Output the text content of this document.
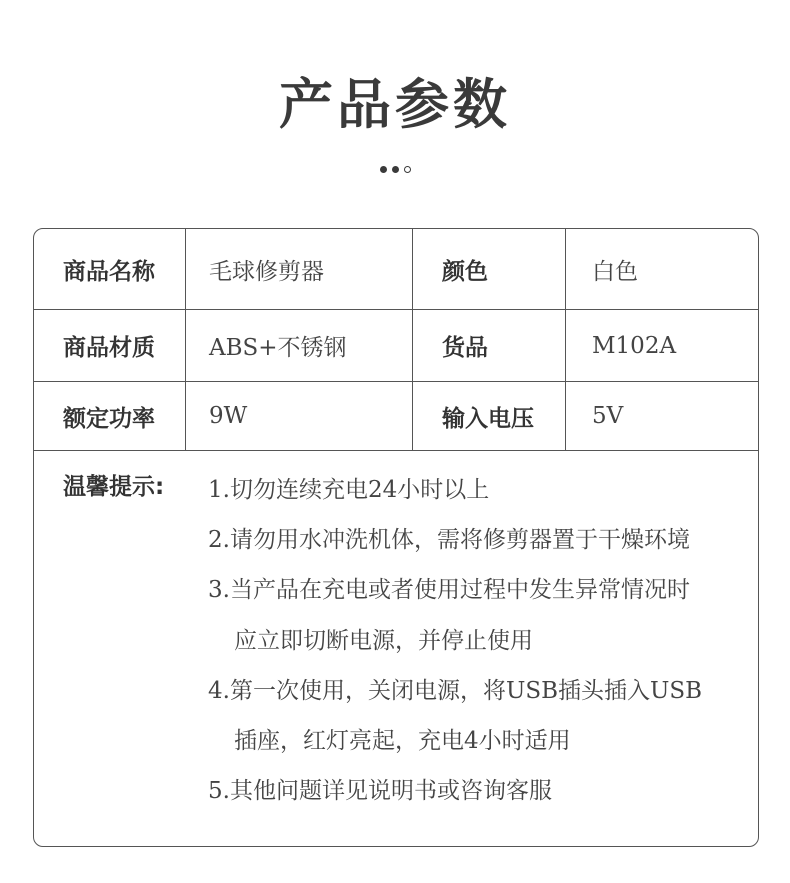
产品参数
商品名称	毛球修剪器	颜色	白色
商品材质	ABS+不锈钢	货品	M102A
额定功率	9W	输入电压	5V
温馨提示: 1.切勿连续充电24小时以上
2.请勿用水冲洗机体，需将修剪器置于干燥环境
3.当产品在充电或者使用过程中发生异常情况时
应立即切断电源，并停止使用
4.第一次使用，关闭电源，将USB插头插入USB
插座，红灯亮起，充电4小时适用
5.其他问题详见说明书或咨询客服
